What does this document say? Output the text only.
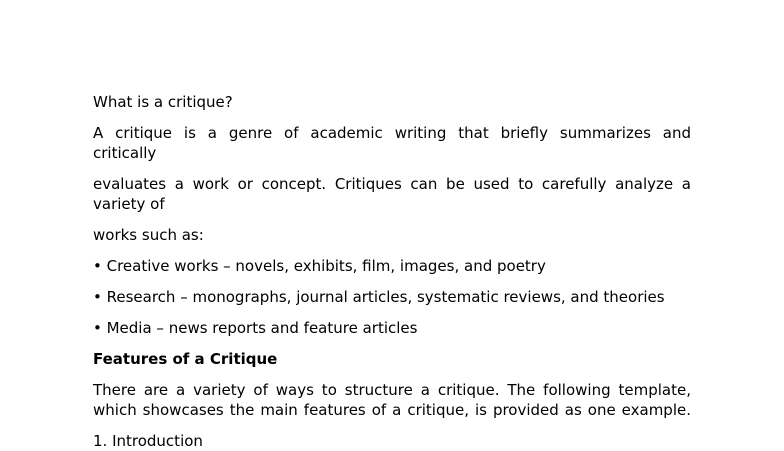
What is a critique?

A critique is a genre of academic writing that briefly summarizes and

critically

evaluates a work or concept. Critiques can be used to carefully analyze a

variety of

works such as:

• Creative works – novels, exhibits, film, images, and poetry

• Research – monographs, journal articles, systematic reviews, and theories

• Media – news reports and feature articles

Features of a Critique

There are a variety of ways to structure a critique. The following template,

which showcases the main features of a critique, is provided as one example.

1. Introduction
